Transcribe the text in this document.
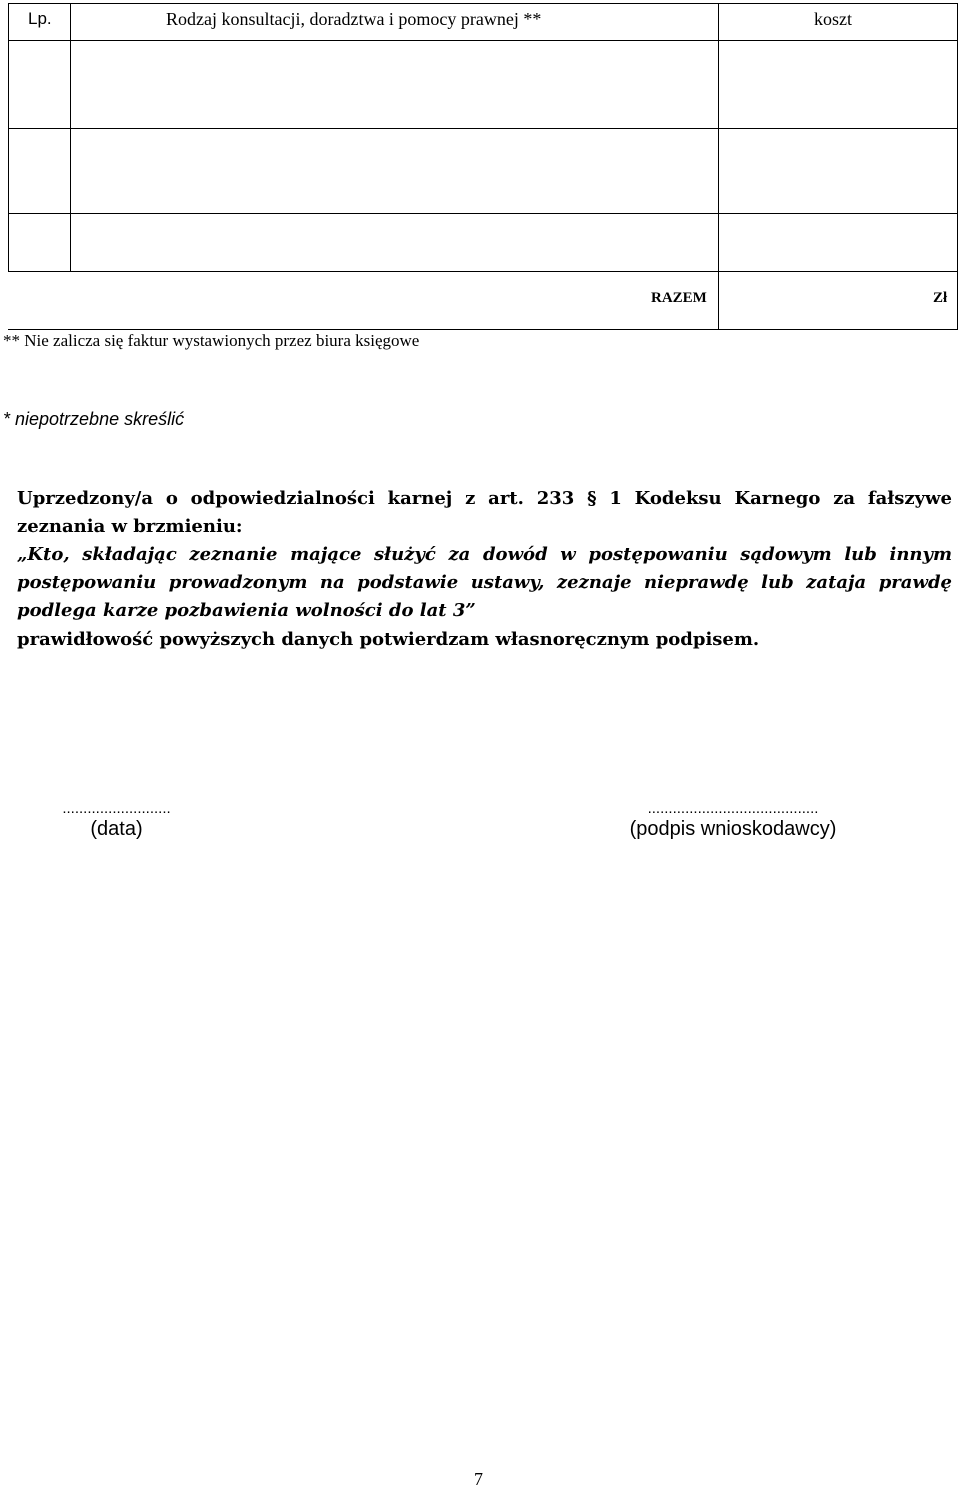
Lp.	Rodzaj konsultacji, doradztwa i pomocy prawnej **	koszt
RAZEM	Zł
** Nie zalicza się faktur wystawionych przez biura księgowe
* niepotrzebne skreślić
Uprzedzony/a o odpowiedzialności karnej z art. 233 § 1 Kodeksu Karnego za fałszywe
zeznania w brzmieniu:
„Kto, składając zeznanie mające służyć za dowód w postępowaniu sądowym lub innym
postępowaniu prowadzonym na podstawie ustawy, zeznaje nieprawdę lub zataja prawdę
podlega karze pozbawienia wolności do lat 3”
prawidłowość powyższych danych potwierdzam własnoręcznym podpisem.
..........................
(data)
.........................................
(podpis wnioskodawcy)
7
